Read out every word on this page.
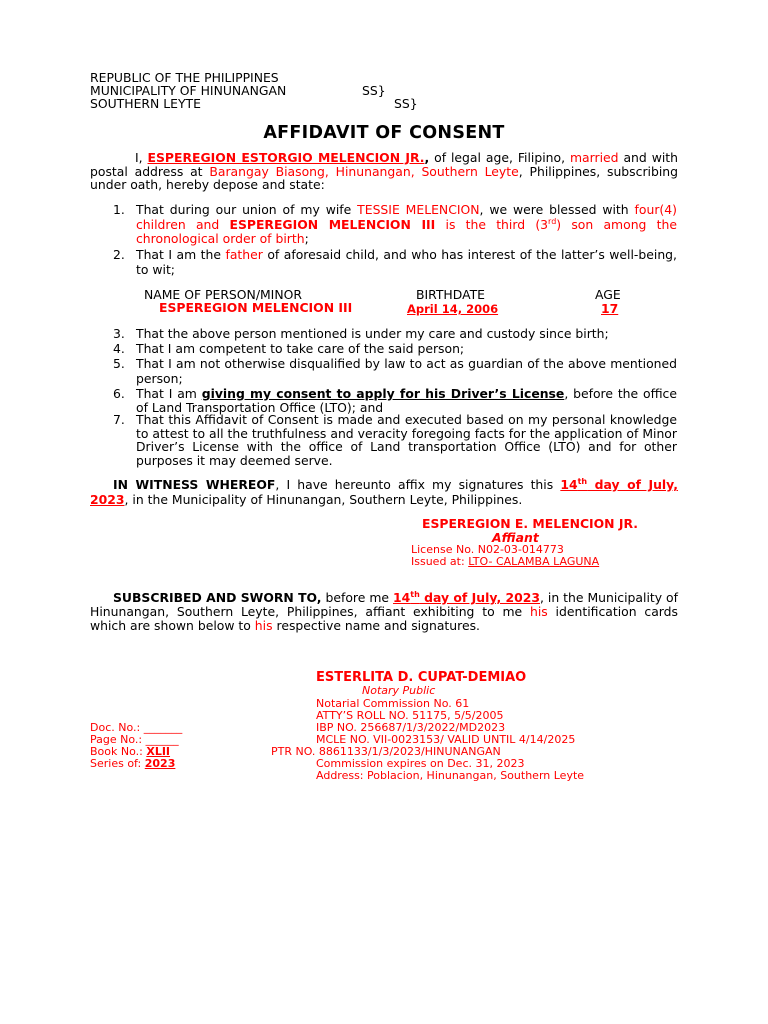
REPUBLIC OF THE PHILIPPINES
MUNICIPALITY OF HINUNANGAN	SS}
SOUTHERN LEYTE	SS}
AFFIDAVIT OF CONSENT
I, ESPEREGION ESTORGIO MELENCION JR., of legal age, Filipino, married and with postal address at Barangay Biasong, Hinunangan, Southern Leyte, Philippines, subscribing under oath, hereby depose and state:
1. That during our union of my wife TESSIE MELENCION, we were blessed with four(4) children and ESPEREGION MELENCION III is the third (3rd) son among the chronological order of birth;
2. That I am the father of aforesaid child, and who has interest of the latter’s well-being, to wit;
NAME OF PERSON/MINOR	BIRTHDATE	AGE
ESPEREGION MELENCION III	April 14, 2006	17
3. That the above person mentioned is under my care and custody since birth;
4. That I am competent to take care of the said person;
5. That I am not otherwise disqualified by law to act as guardian of the above mentioned person;
6. That I am giving my consent to apply for his Driver’s License, before the office of Land Transportation Office (LTO); and
7. That this Affidavit of Consent is made and executed based on my personal knowledge to attest to all the truthfulness and veracity foregoing facts for the application of Minor Driver’s License with the office of Land transportation Office (LTO) and for other purposes it may deemed serve.
IN WITNESS WHEREOF, I have hereunto affix my signatures this 14th day of July, 2023, in the Municipality of Hinunangan, Southern Leyte, Philippines.
ESPEREGION E. MELENCION JR.
Affiant
License No. N02-03-014773
Issued at: LTO- CALAMBA LAGUNA
SUBSCRIBED AND SWORN TO, before me 14th day of July, 2023, in the Municipality of Hinunangan, Southern Leyte, Philippines, affiant exhibiting to me his identification cards which are shown below to his respective name and signatures.
ESTERLITA D. CUPAT-DEMIAO
Notary Public
Notarial Commission No. 61
ATTY’S ROLL NO. 51175, 5/5/2005
IBP NO. 256687/1/3/2022/MD2023
MCLE NO. VII-0023153/ VALID UNTIL 4/14/2025
PTR NO. 8861133/1/3/2023/HINUNANGAN
Commission expires on Dec. 31, 2023
Address: Poblacion, Hinunangan, Southern Leyte
Doc. No.: _______
Page No.: ______
Book No.: XLII
Series of: 2023
